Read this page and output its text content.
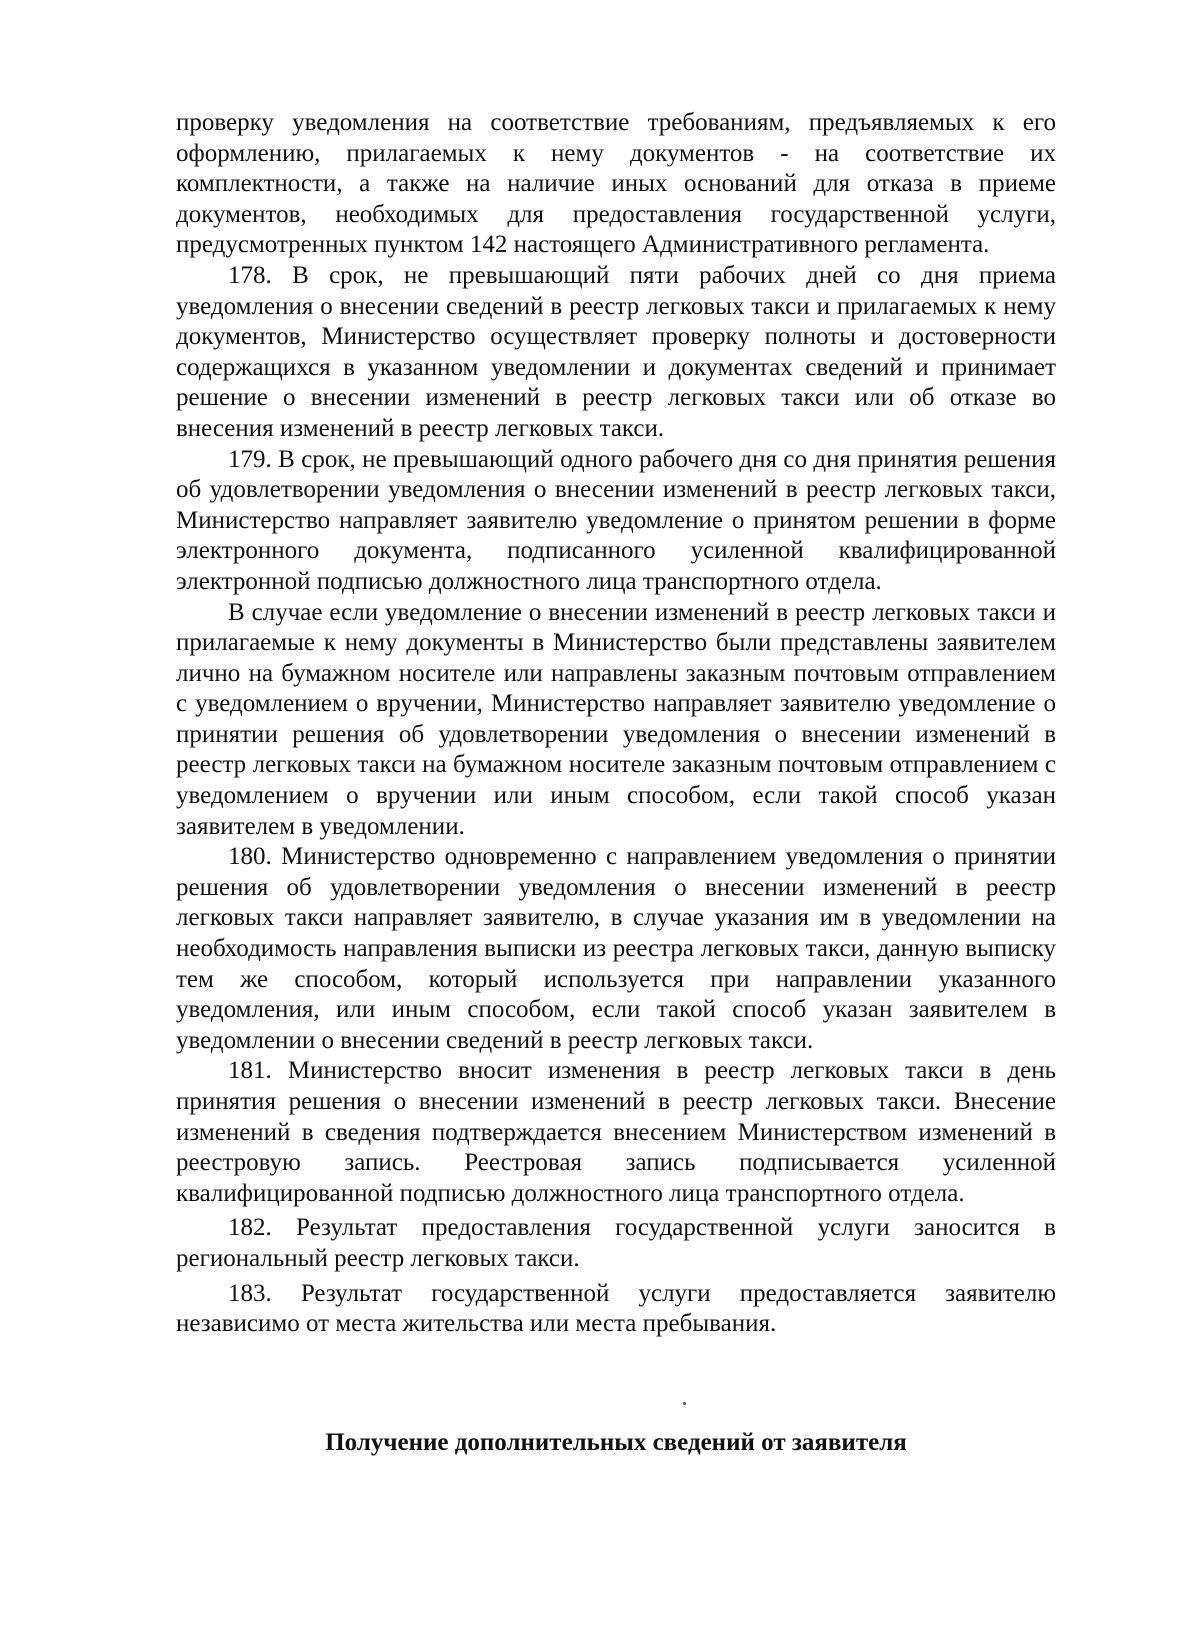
проверку уведомления на соответствие требованиям, предъявляемых к его оформлению, прилагаемых к нему документов - на соответствие их комплектности, а также на наличие иных оснований для отказа в приеме документов, необходимых для предоставления государственной услуги, предусмотренных пунктом 142 настоящего Административного регламента.

178. В срок, не превышающий пяти рабочих дней со дня приема уведомления о внесении сведений в реестр легковых такси и прилагаемых к нему документов, Министерство осуществляет проверку полноты и достоверности содержащихся в указанном уведомлении и документах сведений и принимает решение о внесении изменений в реестр легковых такси или об отказе во внесения изменений в реестр легковых такси.

179. В срок, не превышающий одного рабочего дня со дня принятия решения об удовлетворении уведомления о внесении изменений в реестр легковых такси, Министерство направляет заявителю уведомление о принятом решении в форме электронного документа, подписанного усиленной квалифицированной электронной подписью должностного лица транспортного отдела.

В случае если уведомление о внесении изменений в реестр легковых такси и прилагаемые к нему документы в Министерство были представлены заявителем лично на бумажном носителе или направлены заказным почтовым отправлением с уведомлением о вручении, Министерство направляет заявителю уведомление о принятии решения об удовлетворении уведомления о внесении изменений в реестр легковых такси на бумажном носителе заказным почтовым отправлением с уведомлением о вручении или иным способом, если такой способ указан заявителем в уведомлении.

180. Министерство одновременно с направлением уведомления о принятии решения об удовлетворении уведомления о внесении изменений в реестр легковых такси направляет заявителю, в случае указания им в уведомлении на необходимость направления выписки из реестра легковых такси, данную выписку тем же способом, который используется при направлении указанного уведомления, или иным способом, если такой способ указан заявителем в уведомлении о внесении сведений в реестр легковых такси.

181. Министерство вносит изменения в реестр легковых такси в день принятия решения о внесении изменений в реестр легковых такси. Внесение изменений в сведения подтверждается внесением Министерством изменений в реестровую запись. Реестровая запись подписывается усиленной квалифицированной подписью должностного лица транспортного отдела.

182. Результат предоставления государственной услуги заносится в региональный реестр легковых такси.

183. Результат государственной услуги предоставляется заявителю независимо от места жительства или места пребывания.

Получение дополнительных сведений от заявителя
